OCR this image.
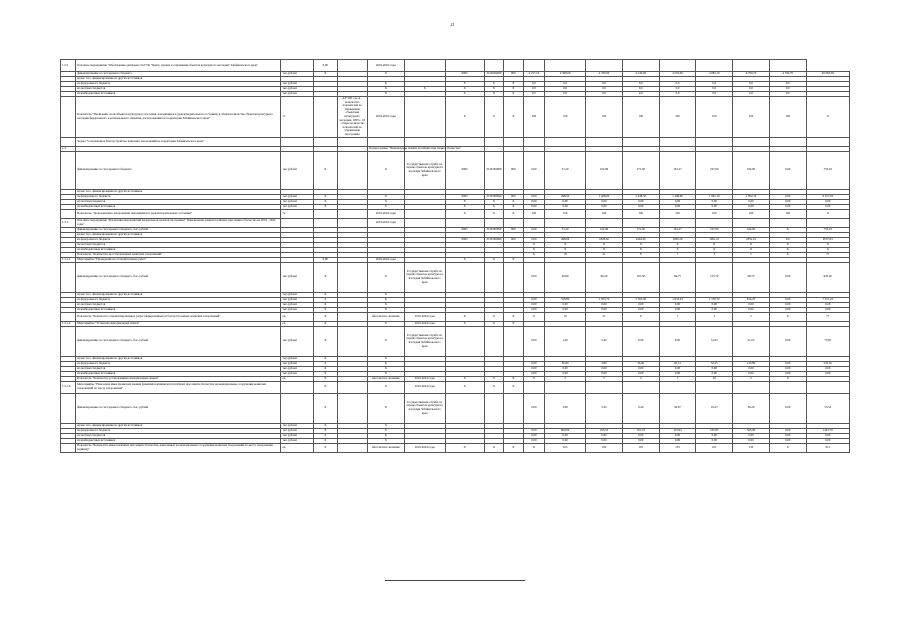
21
1.2.2	Основное мероприятие "Обеспечение деятельности ГУК "Центр охраны и сохранения объектов культурного наследия" Забайкальского края"		0,00		2019-2025 годы													
	финансирование за счет краевого бюджета	тыс.рублей	Х		Х		0905	3120249490	000	4 257,16	4 508,00	4 330,00	4 130,00	4 502,00	4 683,10	4 700,70	4 700,70	26 683,38
	кроме того, финансирование из других источников																	
	из федерального бюджета	тыс.рублей			Х		Х	Х	Х	0,0	0,0	0,0	0,0	0,0	0,0	0,0	0,0	
	из местных бюджетов	тыс.рублей			Х	Х	Х	Х	Х	0,0	0,0	0,0	0,0	0,0	0,0	0,0	0,0	
	из внебюджетных источников	тыс.рублей			Х		Х	Х	Х	0,0	0,0	0,0	0,0	0,0	0,0	0,0	0,0	
	Показатель "Увеличение доли объектов культурного наследия, находящихся в удовлетворительном состоянии, в общем количестве объектов культурного наследия федерального и регионального значения, расположенных на территории Забайкальского края"	%		АЗ*100, где А - количество показателей по управлению объектами культурного наследия; 100% - 10 - общее количество показателей по управлению программы	2019-2025 годы		Х	Х	Х	100	100	100	100	100	100	100	100	Х
	Задача "Сохранение и благоустройство воинских захоронений на территории Забайкальского края"																	
1.3.					Подпрограмма "Увековечение памяти погибших при защите Отечества"													
	финансирование за счет краевого бюджета	тыс.рублей	Х		Х	Государственная служба по охране объектов культурного наследия Забайкальского края	0905	3130182990	000	0,00	31,20	102,99	172,30	161,27	197,00	182,00	0,00	753,43
	кроме того, финансирование из других источников																	
	из федерального бюджета	тыс.рублей	Х		Х		0905	3130182990	000	0,00	498,00	1 408,00	2 448,30	1 408,60	1 991,10	1 852,19	0,00	9 557,93
	из местных бюджетов	тыс.рублей	Х		Х		Х	Х	Х	0,00	0,00	0,00	0,00	0,00	0,00	0,00	0,00	0,00
	из внебюджетных источников	тыс.рублей	Х		Х		Х	Х	Х	0,00	0,00	0,00	0,00	0,00	0,00	0,00	0,00	0,00
	Показатель "Доля воинских захоронений, находящихся в удовлетворительном состоянии"	%			2019-2024 годы		Х	Х	Х	100	100	100	100	100	100	100	100	Х
1.3.1.	Основное мероприятие "Реализация мероприятий федеральной целевой программы" Увековечение памяти погибших при защите Отечества на 2019 - 2024 годы"				2019-2024 годы													
	финансирование за счет краевого бюджета, тыс. рублей						0905	3130182990	000	0,00	31,20	102,99	172,30	161,27	197,00	182,00	Х	753,43
	кроме того, финансирование из других источников																	
	из федерального бюджета						0905	3130182990	000	0,00	498,00	1828,40	2404,30	1830,20	1991,10	1852,19	0,0	9557,93
	из местных бюджетов									Х	Х	Х	Х	Х	Х	Х	Х	Х
	из внебюджетных источников									Х	Х	Х	Х	Х	Х	Х	Х	Х
	Показатель "Количество восстановленных воинских захоронений"									Х	19	21	8	7	3	5	Х	77
1.3.1.1.	Мероприятие "Проведение восстановительных работ"		0,00		2019-2024 годы		Х	Х	Х									
	финансирование за счет краевого бюджета, тыс. рублей	тыс.рублей	Х		Х	Государственная служба по охране объектов культурного наследия Забайкальского края				0,00	26,60	96,20	167,50	84,75	155,70	98,75	0,00	620,20
	кроме того, финансирование из других источников	тыс.рублей	Х		Х													
	из федерального бюджета	тыс.рублей	Х		Х					0,00	558,80	1 593,70	2 365,00	1 633,23	1 576,70	814,25	0,00	7 351,23
	из местных бюджетов	тыс.рублей	Х		Х					0,00	0,00	0,00	0,00	0,00	0,00	0,00	0,00	0,00
	из внебюджетных источников	тыс.рублей	Х		Х					0,00	0,00	0,00	0,00	0,00	0,00	0,00	0,00	0,00
	Показатель "Количество отремонтированных (отреставрированных) в благоустроенных воинских захоронений"	ед.	Х		Абсолютное значение	2019-2024 годы	Х	Х	Х	Х	19	21	8	7	3	5	Х	77
1.3.1.2.	Мероприятие "Установка мемориальных знаков"	ед.	Х		Х	2019-2024 годы	Х	Х	Х									
	финансирование за счет краевого бюджета, тыс. рублей	тыс.рублей	Х		Х	Государственная служба по охране объектов культурного наследия Забайкальского края				0,00	1,40	0,40	0,00	0,95	31,05	21,05	0,00	73,85
	кроме того, финансирование из других источников	тыс.рублей	Х		Х													
	из федерального бюджета	тыс.рублей	Х		Х					0,00	30,60	3,60	34,00	95,31	32,25	213,89	0,00	533,45
	из местных бюджетов	тыс.рублей	Х		Х					0,00	0,00	0,00	0,00	0,00	0,00	0,00	0,00	0,00
	из внебюджетных источников	тыс.рублей	Х		Х					0,00	0,00	0,00	0,00	0,00	0,00	0,00	0,00	0,00
	Показатель "Количество установленных мемориальных знаков"	ед.	Х		Абсолютное значение	2019-2024 годы	Х	Х	Х	Х	2	5	4	7	20	2	Х	
1.3.1.3.	Мероприятие "Нанесение имен (воинских званий, фамилий и инициалов) погибших при защите Отечества на мемориальные сооружения воинских захоронений по месту захоронения"		Х		Х	2019-2024 годы	Х	Х	Х									
	финансирование за счет краевого бюджета, тыс. рублей		Х		Х	Государственная служба по охране объектов культурного наследия Забайкальского края				0,00	3,00	5,30	0,40	36,67	10,27	36,20	0,00	53,52
	кроме того, финансирование из других источников	тыс.рублей	Х		Х													
	из федерального бюджета	тыс.рублей	Х		Х					0,00	600,00	165,10	191,10	101,93	165,83	563,99	0,00	1461,70
	из местных бюджетов	тыс.рублей	Х		Х					0,00	0,00	0,00	0,00	0,00	0,00	0,00	0,00	0,00
	из внебюджетных источников	тыс.рублей	Х		Х					0,00	0,00	0,00	0,00	0,00	0,00	0,00	0,00	0,00
	Показатель "Количество имен погибших при защите Отечества, нанесенных на мемориальные сооружения воинских захоронений по месту захоронения (единиц)"	ед.	Х		Абсолютное значение	2019-2024 годы	Х	Х	Х	Х	105	100	105	135	101	130	Х	611
